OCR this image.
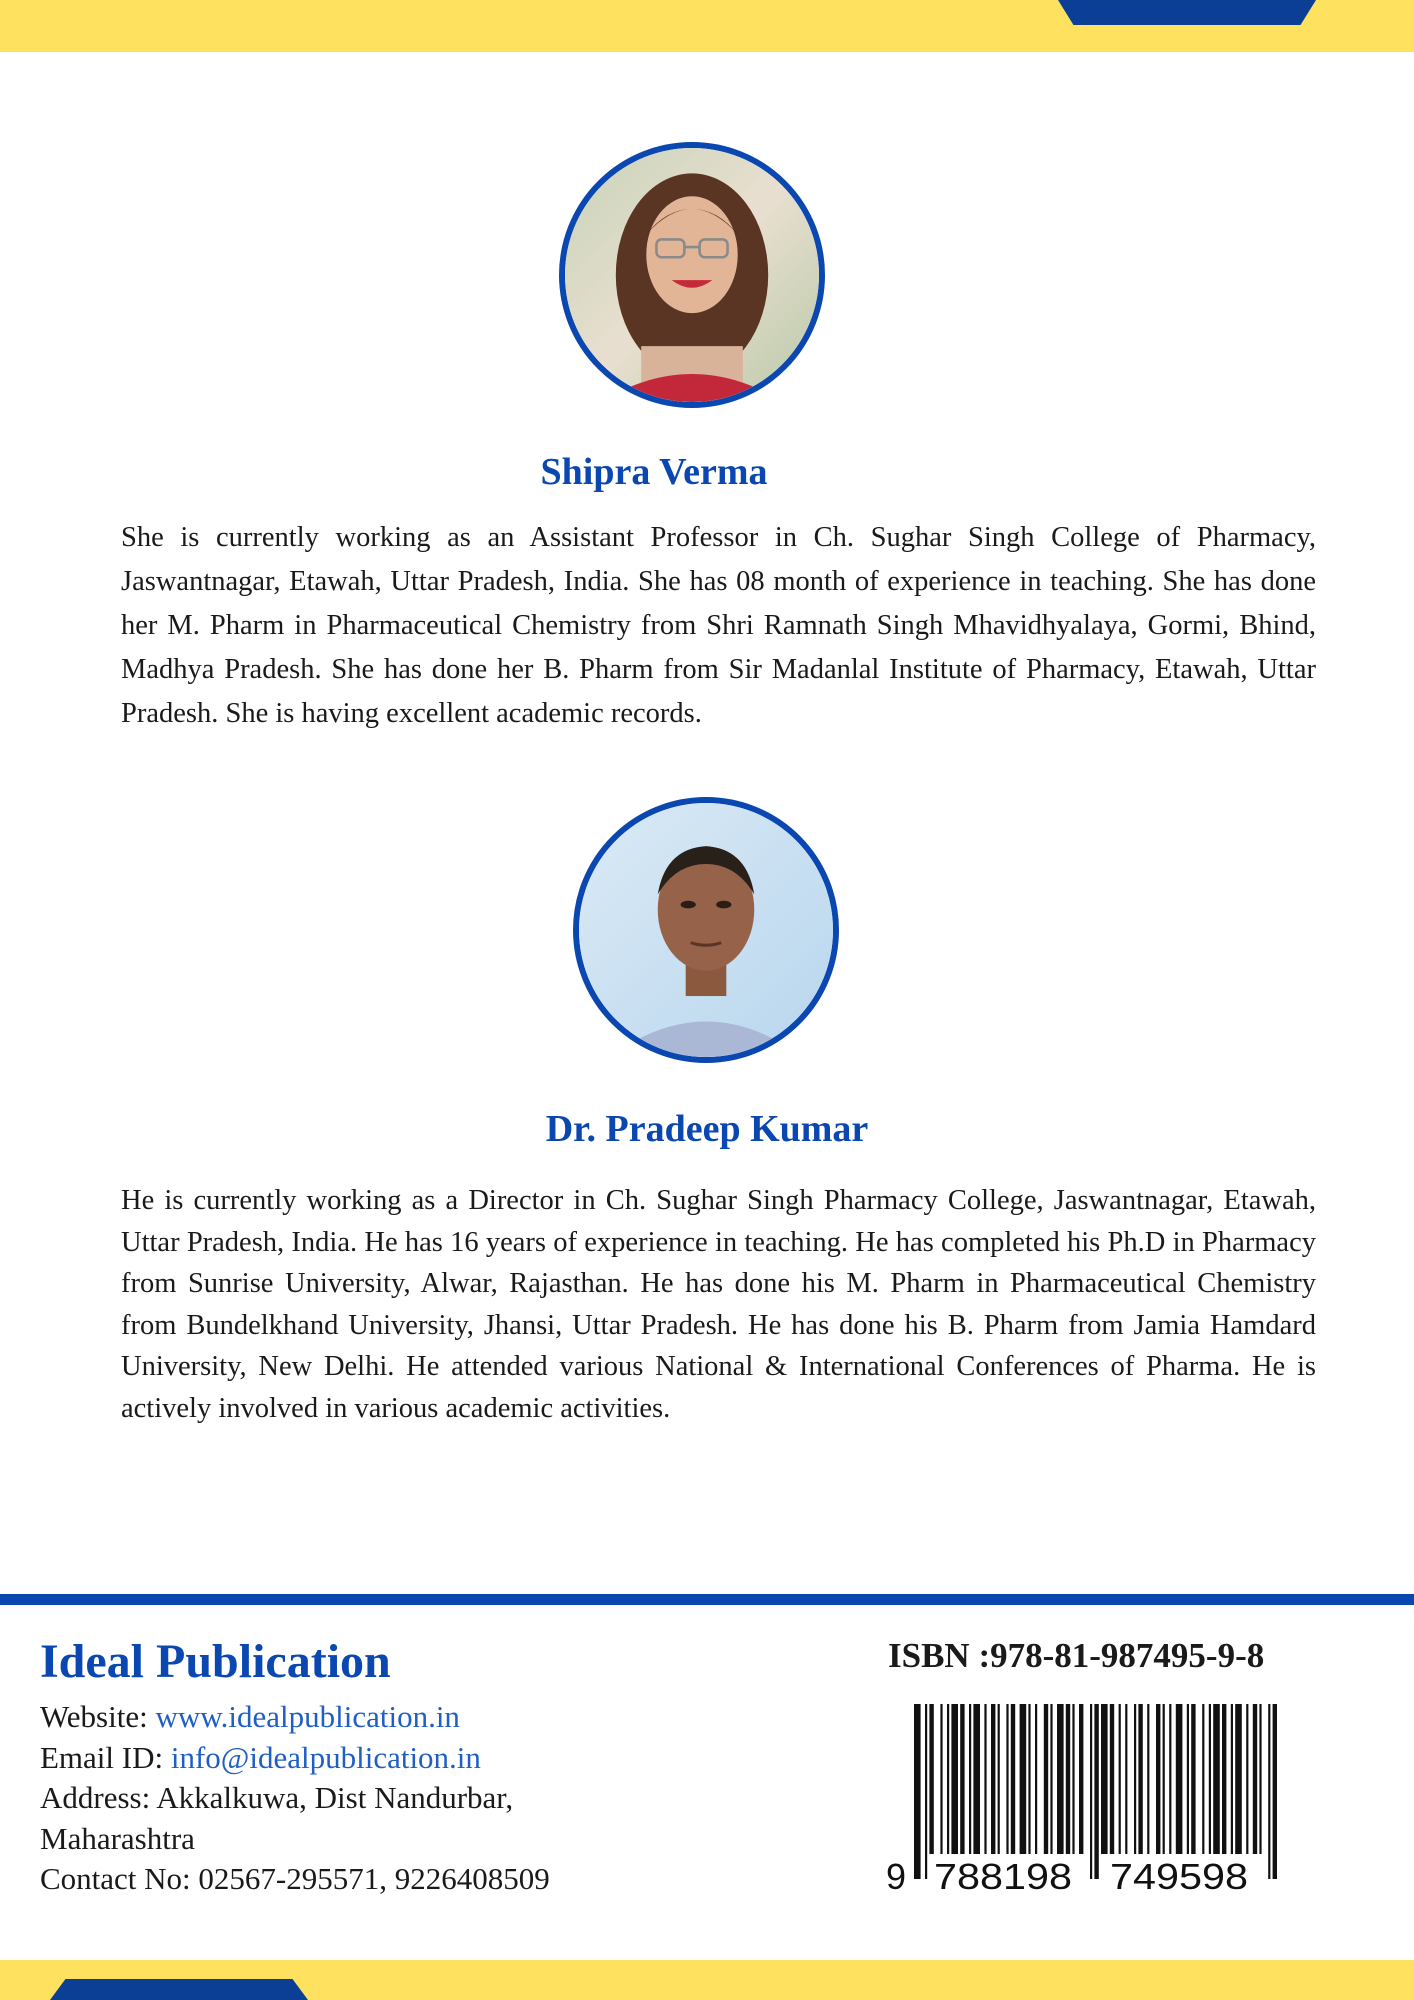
Shipra Verma

She is currently working as an Assistant Professor in Ch. Sughar Singh College of Pharmacy, Jaswantnagar, Etawah, Uttar Pradesh, India. She has 08 month of experience in teaching. She has done her M. Pharm in Pharmaceutical Chemistry from Shri Ramnath Singh Mhavidhyalaya, Gormi, Bhind, Madhya Pradesh. She has done her B. Pharm from Sir Madanlal Institute of Pharmacy, Etawah, Uttar Pradesh. She is having excellent academic records.

Dr. Pradeep Kumar

He is currently working as a Director in Ch. Sughar Singh Pharmacy College, Jaswantnagar, Etawah, Uttar Pradesh, India. He has 16 years of experience in teaching. He has completed his Ph.D in Pharmacy from Sunrise University, Alwar, Rajasthan. He has done his M. Pharm in Pharmaceutical Chemistry from Bundelkhand University, Jhansi, Uttar Pradesh. He has done his B. Pharm from Jamia Hamdard University, New Delhi. He attended various National & International Conferences of Pharma. He is actively involved in various academic activities.

Ideal Publication
Website: www.idealpublication.in
Email ID: info@idealpublication.in
Address: Akkalkuwa, Dist Nandurbar,
Maharashtra
Contact No: 02567-295571, 9226408509

ISBN :978-81-987495-9-8

9 788198 749598
